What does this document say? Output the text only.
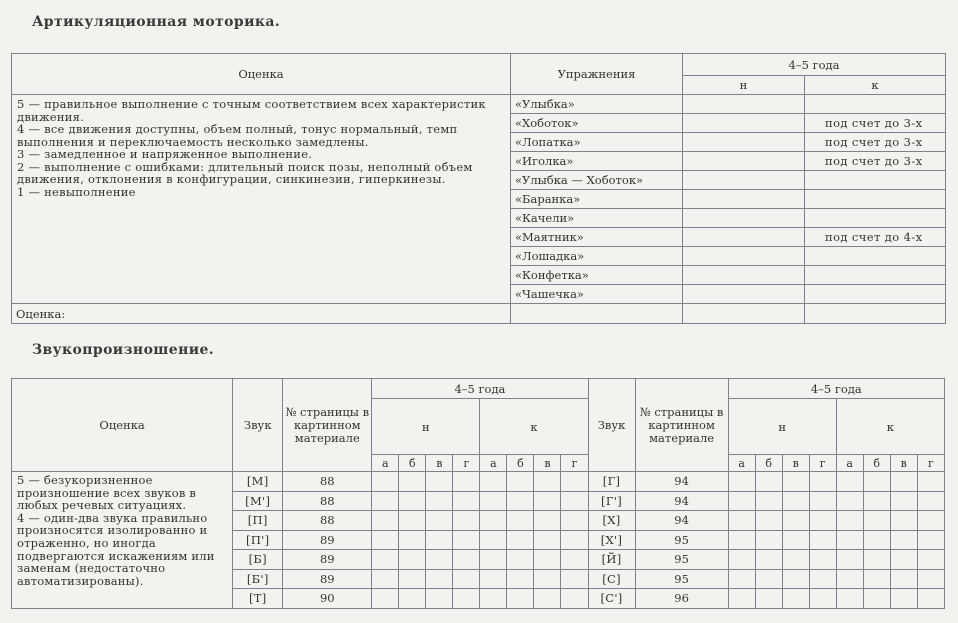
Артикуляционная моторика.
Оценка	Упражнения	4–5 года	
		н	к

5 — правильное выполнение с точным соответствием всех характеристик движения.

4 — все движения доступны, объем полный, тонус нормальный, темп выполнения и переключаемость несколько замедлены.

3 — замедленное и напряженное выполнение.

2 — выполнение с ошибками: длительный поиск позы, неполный объем движения, отклонения в конфигурации, синкинезии, гиперкинезы.

1 — невыполнение	«Улыбка»		
	«Хоботок»		под счет до 3-х
	«Лопатка»		под счет до 3-х
	«Иголка»		под счет до 3-х
	«Улыбка — Хоботок»		
	«Баранка»		
	«Качели»		
	«Маятник»		под счет до 4-х
	«Лошадка»		
	«Конфетка»		
	«Чашечка»		
Оценка:			
Звукопроизношение.
Оценка	Звук	№ страницы в картинном материале	4–5 года								Звук	№ страницы в картинном материале	4–5 года							
			н				к						н				к			
			а	б	в	г	а	б	в	г			а	б	в	г	а	б	в	г

5 — безукоризненное произношение всех звуков в любых речевых ситуациях.

4 — один-два звука правильно произносятся изолированно и отраженно, но иногда подвергаются искажениям или заменам (недостаточно автоматизированы).	[М]	88									[Г]	94								
	[М']	88									[Г']	94								
	[П]	88									[Х]	94								
	[П']	89									[Х']	95								
	[Б]	89									[Й]	95								
	[Б']	89									[С]	95								
	[Т]	90									[С']	96								
